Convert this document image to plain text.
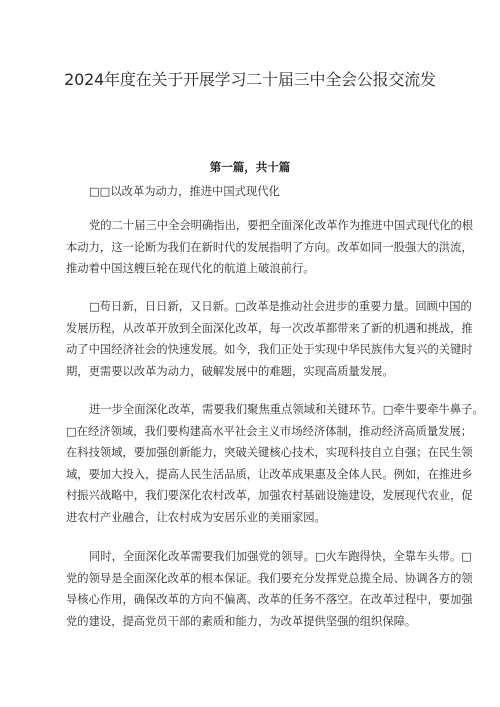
2024年度在关于开展学习二十届三中全会公报交流发
第一篇，共十篇
□□以改革为动力，推进中国式现代化
党的二十届三中全会明确指出，要把全面深化改革作为推进中国式现代化的根
本动力，这一论断为我们在新时代的发展指明了方向。改革如同一股强大的洪流，
推动着中国这艘巨轮在现代化的航道上破浪前行。
□苟日新，日日新，又日新。□改革是推动社会进步的重要力量。回顾中国的
发展历程，从改革开放到全面深化改革，每一次改革都带来了新的机遇和挑战，推
动了中国经济社会的快速发展。如今，我们正处于实现中华民族伟大复兴的关键时
期，更需要以改革为动力，破解发展中的难题，实现高质量发展。
进一步全面深化改革，需要我们聚焦重点领域和关键环节。□牵牛要牵牛鼻子。
□在经济领域，我们要构建高水平社会主义市场经济体制，推动经济高质量发展；
在科技领域，要加强创新能力，突破关键核心技术，实现科技自立自强；在民生领
域，要加大投入，提高人民生活品质，让改革成果惠及全体人民。例如，在推进乡
村振兴战略中，我们要深化农村改革，加强农村基础设施建设，发展现代农业，促
进农村产业融合，让农村成为安居乐业的美丽家园。
同时，全面深化改革需要我们加强党的领导。□火车跑得快，全靠车头带。□
党的领导是全面深化改革的根本保证。我们要充分发挥党总揽全局、协调各方的领
导核心作用，确保改革的方向不偏离、改革的任务不落空。在改革过程中，要加强
党的建设，提高党员干部的素质和能力，为改革提供坚强的组织保障。
